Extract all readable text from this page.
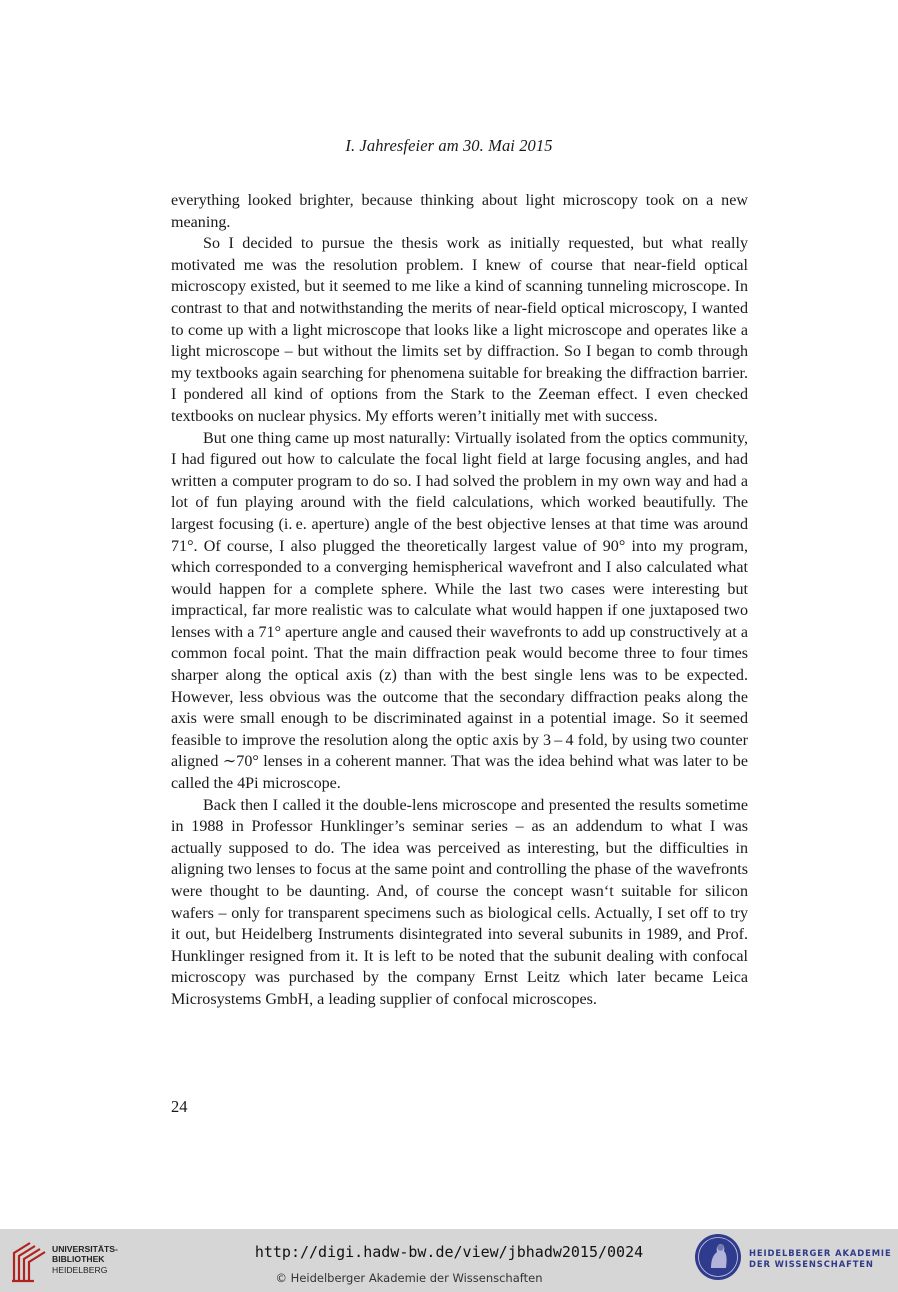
I. Jahresfeier am 30. Mai 2015

everything looked brighter, because thinking about light microscopy took on a new meaning.

So I decided to pursue the thesis work as initially requested, but what really motivated me was the resolution problem. I knew of course that near-field optical microscopy existed, but it seemed to me like a kind of scanning tunneling microscope. In contrast to that and notwithstanding the merits of near-field optical microscopy, I wanted to come up with a light microscope that looks like a light microscope and operates like a light microscope – but without the limits set by diffraction. So I began to comb through my textbooks again searching for phenomena suitable for breaking the diffraction barrier. I pondered all kind of options from the Stark to the Zeeman effect. I even checked textbooks on nuclear physics. My efforts weren’t initially met with success.

But one thing came up most naturally: Virtually isolated from the optics community, I had figured out how to calculate the focal light field at large focusing angles, and had written a computer program to do so. I had solved the problem in my own way and had a lot of fun playing around with the field calculations, which worked beautifully. The largest focusing (i. e. aperture) angle of the best objective lenses at that time was around 71°. Of course, I also plugged the theoretically largest value of 90° into my program, which corresponded to a converging hemispherical wavefront and I also calculated what would happen for a complete sphere. While the last two cases were interesting but impractical, far more realistic was to calculate what would happen if one juxtaposed two lenses with a 71° aperture angle and caused their wavefronts to add up constructively at a common focal point. That the main diffraction peak would become three to four times sharper along the optical axis (z) than with the best single lens was to be expected. However, less obvious was the outcome that the secondary diffraction peaks along the axis were small enough to be discriminated against in a potential image. So it seemed feasible to improve the resolution along the optic axis by 3 – 4 fold, by using two counter aligned ∼70° lenses in a coherent manner. That was the idea behind what was later to be called the 4Pi microscope.

Back then I called it the double-lens microscope and presented the results sometime in 1988 in Professor Hunklinger’s seminar series – as an addendum to what I was actually supposed to do. The idea was perceived as interesting, but the difficulties in aligning two lenses to focus at the same point and controlling the phase of the wavefronts were thought to be daunting. And, of course the concept wasn‘t suitable for silicon wafers – only for transparent specimens such as biological cells. Actually, I set off to try it out, but Heidelberg Instruments disintegrated into several subunits in 1989, and Prof. Hunklinger resigned from it. It is left to be noted that the subunit dealing with confocal microscopy was purchased by the company Ernst Leitz which later became Leica Microsystems GmbH, a leading supplier of confocal microscopes.

24
UNIVERSITÄTS-
BIBLIOTHEK
HEIDELBERG
http://digi.hadw-bw.de/view/jbhadw2015/0024
© Heidelberger Akademie der Wissenschaften
HEIDELBERGER AKADEMIE
DER WISSENSCHAFTEN
